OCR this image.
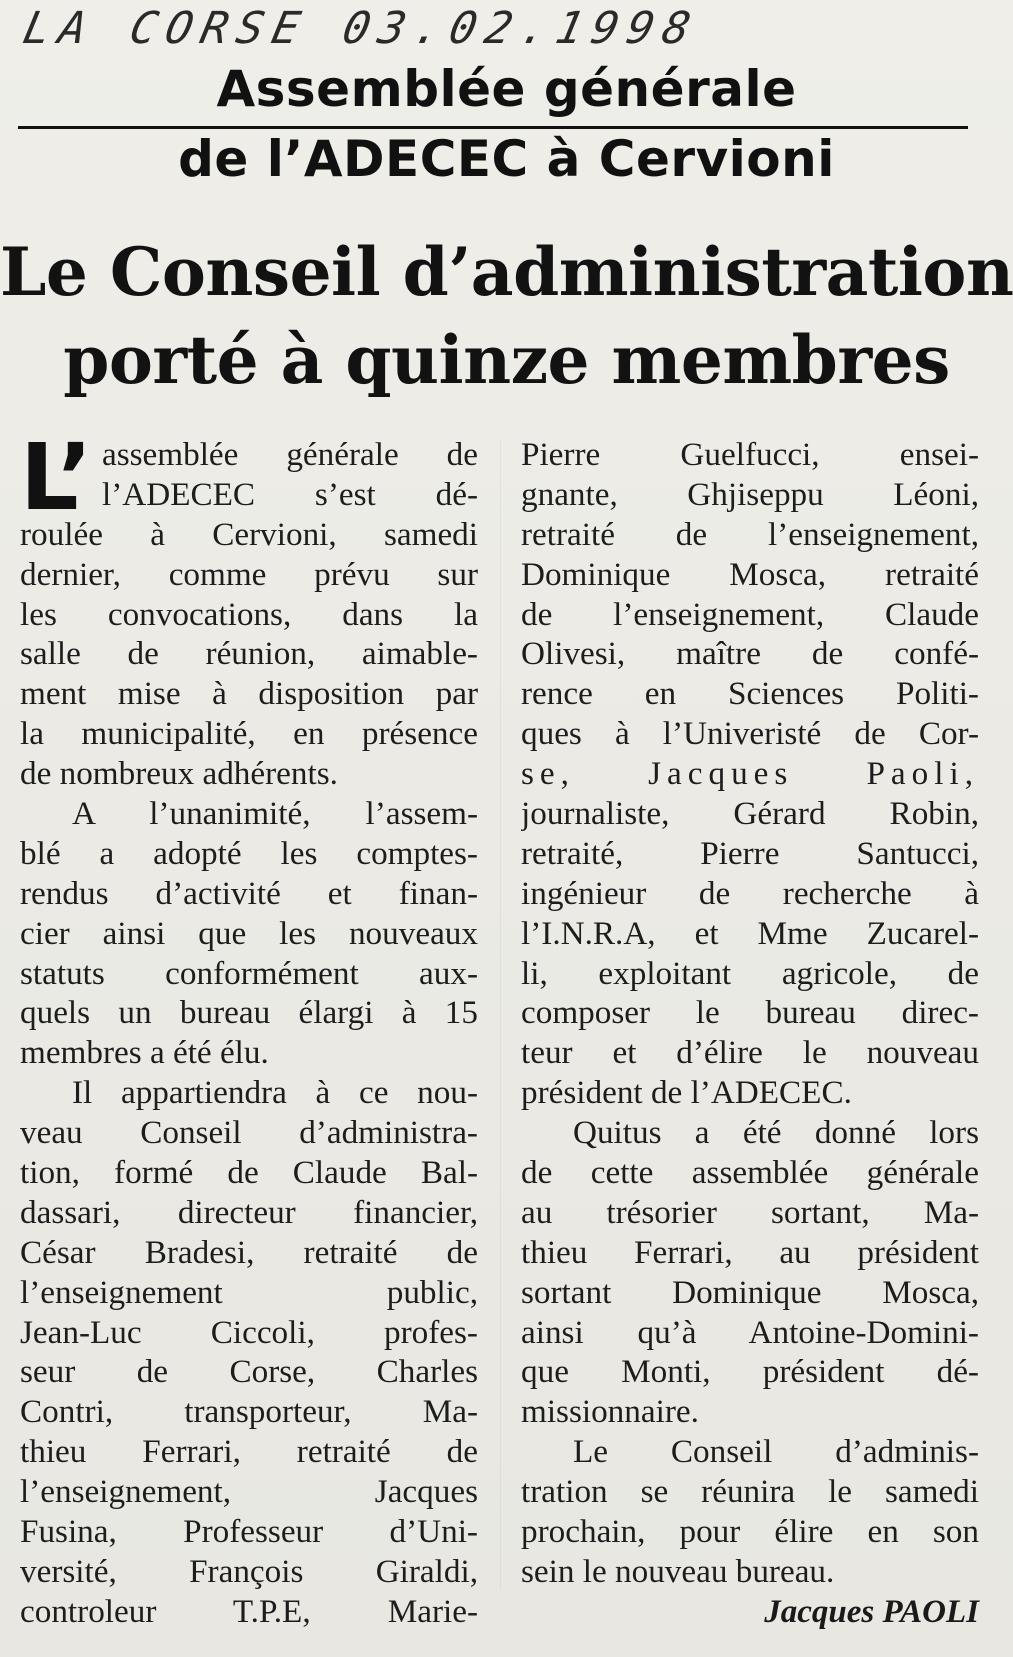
LA CORSE 03.02.1998
Assemblée générale
de l’ADECEC à Cervioni
Le Conseil d’administration
porté à quinze membres
L’ assemblée générale de
l’ADECEC s’est dé-
roulée à Cervioni, samedi
dernier, comme prévu sur
les convocations, dans la
salle de réunion, aimable-
ment mise à disposition par
la municipalité, en présence
de nombreux adhérents.
A l’unanimité, l’assem-
blé a adopté les comptes-
rendus d’activité et finan-
cier ainsi que les nouveaux
statuts conformément aux-
quels un bureau élargi à 15
membres a été élu.
Il appartiendra à ce nou-
veau Conseil d’administra-
tion, formé de Claude Bal-
dassari, directeur financier,
César Bradesi, retraité de
l’enseignement public,
Jean-Luc Ciccoli, profes-
seur de Corse, Charles
Contri, transporteur, Ma-
thieu Ferrari, retraité de
l’enseignement, Jacques
Fusina, Professeur d’Uni-
versité, François Giraldi,
controleur T.P.E, Marie-
Pierre Guelfucci, ensei-
gnante, Ghjiseppu Léoni,
retraité de l’enseignement,
Dominique Mosca, retraité
de l’enseignement, Claude
Olivesi, maître de confé-
rence en Sciences Politi-
ques à l’Univeristé de Cor-
se, Jacques Paoli,
journaliste, Gérard Robin,
retraité, Pierre Santucci,
ingénieur de recherche à
l’I.N.R.A, et Mme Zucarel-
li, exploitant agricole, de
composer le bureau direc-
teur et d’élire le nouveau
président de l’ADECEC.
Quitus a été donné lors
de cette assemblée générale
au trésorier sortant, Ma-
thieu Ferrari, au président
sortant Dominique Mosca,
ainsi qu’à Antoine-Domini-
que Monti, président dé-
missionnaire.
Le Conseil d’adminis-
tration se réunira le samedi
prochain, pour élire en son
sein le nouveau bureau.
Jacques PAOLI
